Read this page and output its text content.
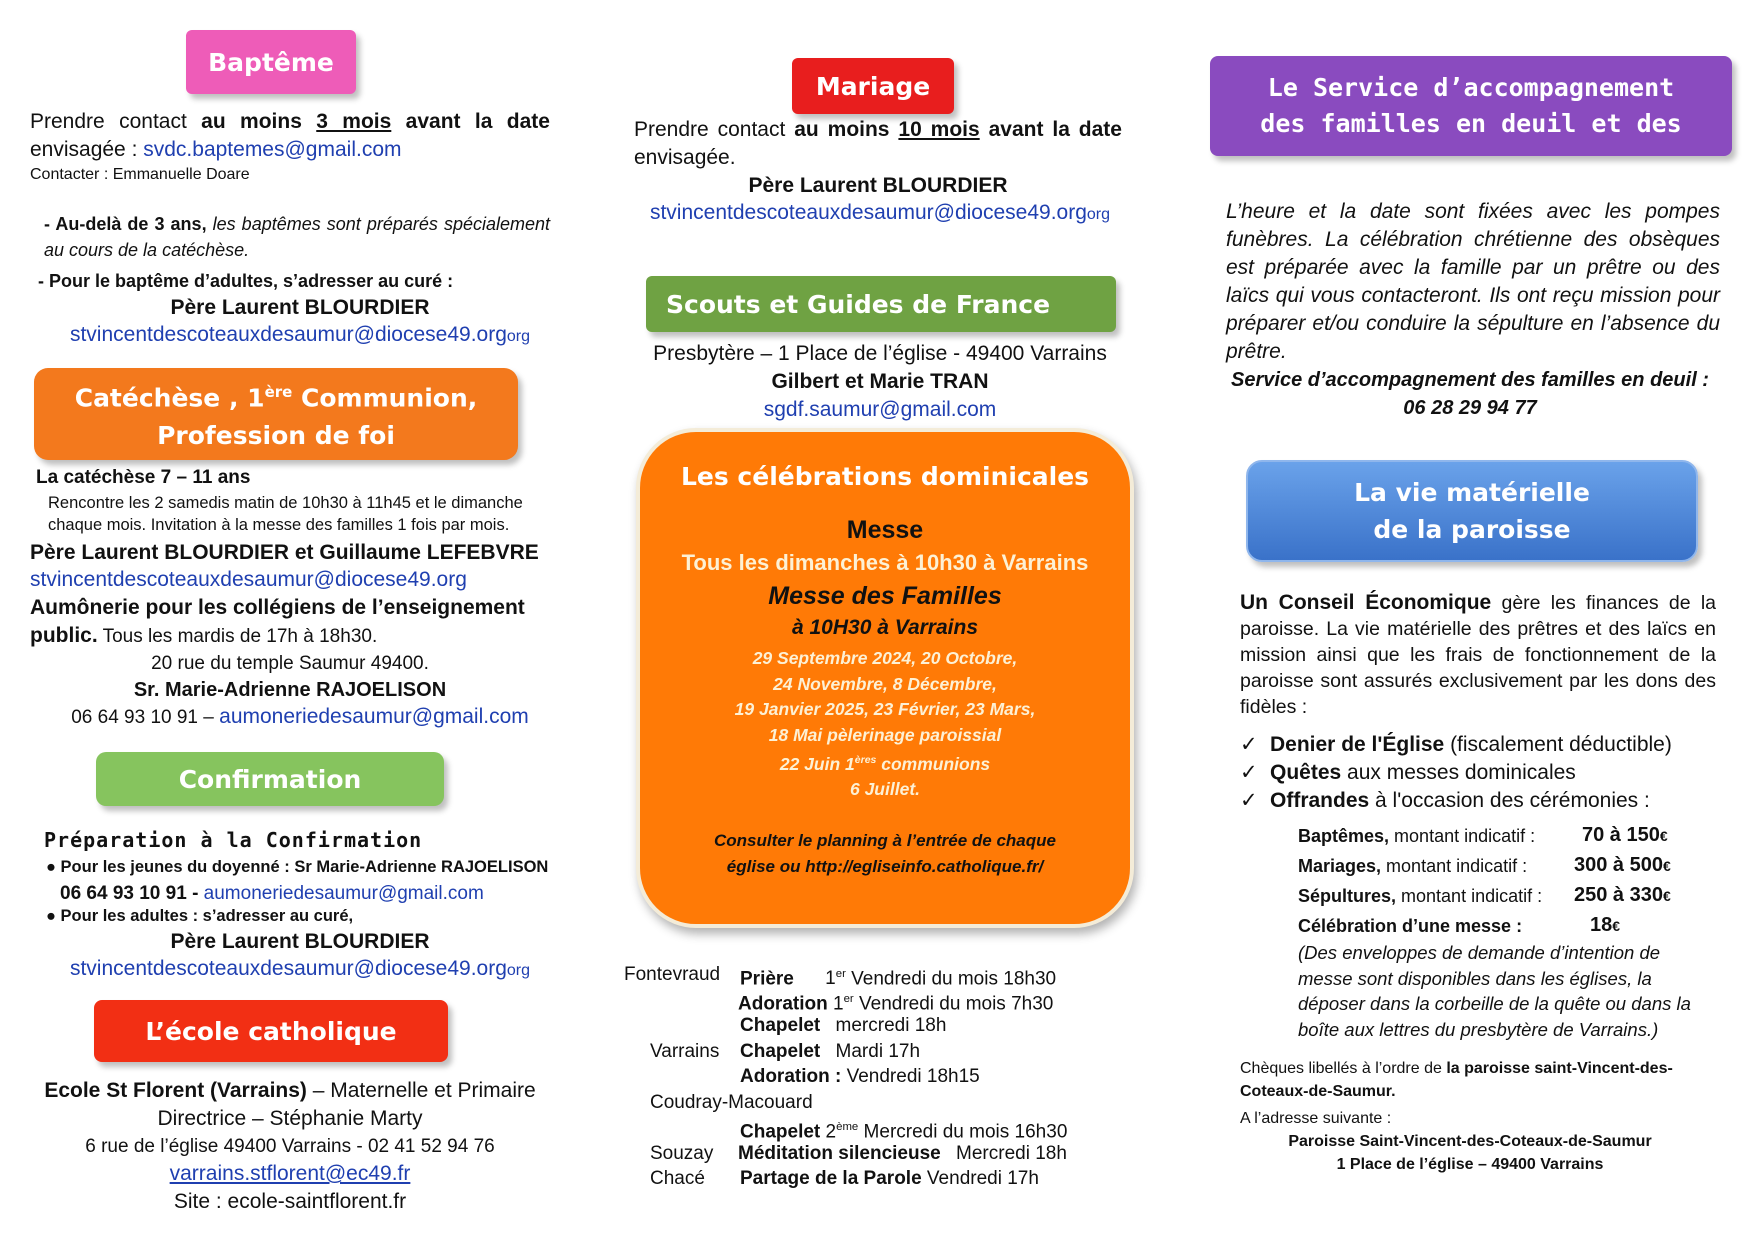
Baptême
Prendre contact au moins 3 mois avant la date
envisagée : svdc.baptemes@gmail.com
Contacter : Emmanuelle Doare
- Au-delà de 3 ans, les baptêmes sont préparés spécialement au cours de la catéchèse.
- Pour le baptême d’adultes, s’adresser au curé :
Père Laurent BLOURDIER
stvincentdescoteauxdesaumur@diocese49.orgorg
Catéchèse , 1ère Communion,
Profession de foi
La catéchèse 7 – 11 ans
Rencontre les 2 samedis matin de 10h30 à 11h45 et le dimanche chaque mois. Invitation à la messe des familles 1 fois par mois.
Père Laurent BLOURDIER et Guillaume LEFEBVRE
stvincentdescoteauxdesaumur@diocese49.org
Aumônerie pour les collégiens de l’enseignement public. Tous les mardis de 17h à 18h30.
20 rue du temple Saumur 49400.
Sr. Marie-Adrienne RAJOELISON
06 64 93 10 91 – aumoneriedesaumur@gmail.com
Confirmation
Préparation à la Confirmation
● Pour les jeunes du doyenné : Sr Marie-Adrienne RAJOELISON
06 64 93 10 91 - aumoneriedesaumur@gmail.com
● Pour les adultes : s’adresser au curé,
Père Laurent BLOURDIER
stvincentdescoteauxdesaumur@diocese49.orgorg
L’école catholique
Ecole St Florent (Varrains) – Maternelle et Primaire
Directrice – Stéphanie Marty
6 rue de l’église 49400 Varrains - 02 41 52 94 76
varrains.stflorent@ec49.fr
Site : ecole-saintflorent.fr
Mariage
Prendre contact au moins 10 mois avant la date
envisagée.
Père Laurent BLOURDIER
stvincentdescoteauxdesaumur@diocese49.orgorg
Scouts et Guides de France
Presbytère – 1 Place de l’église - 49400 Varrains
Gilbert et Marie TRAN
sgdf.saumur@gmail.com
Les célébrations dominicales
Messe
Tous les dimanches à 10h30 à Varrains
Messe des Familles
à 10H30 à Varrains
29 Septembre 2024, 20 Octobre,
24 Novembre, 8 Décembre,
19 Janvier 2025, 23 Février, 23 Mars,
18 Mai pèlerinage paroissial
22 Juin 1ères communions
6 Juillet.
Consulter le planning à l’entrée de chaque
église ou http://egliseinfo.catholique.fr/
Fontevraud Prière 1er Vendredi du mois 18h30
Adoration 1er Vendredi du mois 7h30
Chapelet mercredi 18h
Varrains Chapelet Mardi 17h
Adoration : Vendredi 18h15
Coudray-Macouard
Chapelet 2ème Mercredi du mois 16h30
Souzay Méditation silencieuse Mercredi 18h
Chacé Partage de la Parole Vendredi 17h
Le Service d’accompagnement
des familles en deuil et des
L’heure et la date sont fixées avec les pompes funèbres. La célébration chrétienne des obsèques est préparée avec la famille par un prêtre ou des laïcs qui vous contacteront. Ils ont reçu mission pour préparer et/ou conduire la sépulture en l’absence du prêtre.
Service d’accompagnement des familles en deuil :
06 28 29 94 77
La vie matérielle
de la paroisse
Un Conseil Économique gère les finances de la paroisse. La vie matérielle des prêtres et des laïcs en mission ainsi que les frais de fonctionnement de la paroisse sont assurés exclusivement par les dons des fidèles :
✓ Denier de l'Église (fiscalement déductible)
✓ Quêtes aux messes dominicales
✓ Offrandes à l'occasion des cérémonies :
Baptêmes, montant indicatif : 70 à 150€
Mariages, montant indicatif : 300 à 500€
Sépultures, montant indicatif : 250 à 330€
Célébration d’une messe :	18€
(Des enveloppes de demande d’intention de messe sont disponibles dans les églises, la déposer dans la corbeille de la quête ou dans la boîte aux lettres du presbytère de Varrains.)
Chèques libellés à l’ordre de la paroisse saint-Vincent-des-Coteaux-de-Saumur.
A l’adresse suivante :
Paroisse Saint-Vincent-des-Coteaux-de-Saumur
1 Place de l’église – 49400 Varrains
